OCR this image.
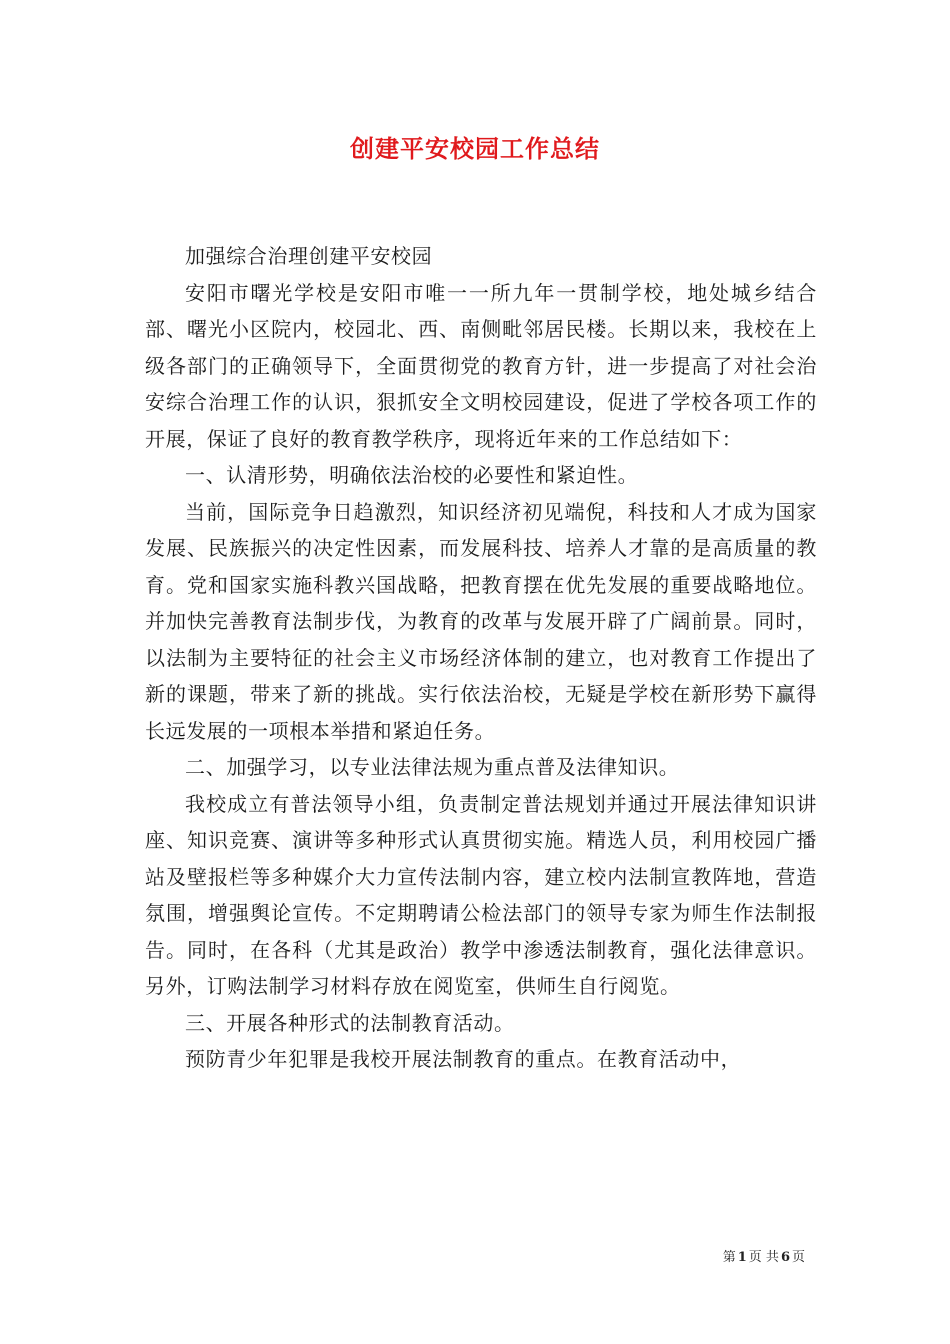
创建平安校园工作总结

加强综合治理创建平安校园

安阳市曙光学校是安阳市唯一一所九年一贯制学校，地处城乡结合部、曙光小区院内，校园北、西、南侧毗邻居民楼。长期以来，我校在上级各部门的正确领导下，全面贯彻党的教育方针，进一步提高了对社会治安综合治理工作的认识，狠抓安全文明校园建设，促进了学校各项工作的开展，保证了良好的教育教学秩序，现将近年来的工作总结如下：

一、认清形势，明确依法治校的必要性和紧迫性。

当前，国际竞争日趋激烈，知识经济初见端倪，科技和人才成为国家发展、民族振兴的决定性因素，而发展科技、培养人才靠的是高质量的教育。党和国家实施科教兴国战略，把教育摆在优先发展的重要战略地位。并加快完善教育法制步伐，为教育的改革与发展开辟了广阔前景。同时，以法制为主要特征的社会主义市场经济体制的建立，也对教育工作提出了新的课题，带来了新的挑战。实行依法治校，无疑是学校在新形势下赢得长远发展的一项根本举措和紧迫任务。

二、加强学习，以专业法律法规为重点普及法律知识。

我校成立有普法领导小组，负责制定普法规划并通过开展法律知识讲座、知识竞赛、演讲等多种形式认真贯彻实施。精选人员，利用校园广播站及壁报栏等多种媒介大力宣传法制内容，建立校内法制宣教阵地，营造氛围，增强舆论宣传。不定期聘请公检法部门的领导专家为师生作法制报告。同时，在各科（尤其是政治）教学中渗透法制教育，强化法律意识。另外，订购法制学习材料存放在阅览室，供师生自行阅览。

三、开展各种形式的法制教育活动。

预防青少年犯罪是我校开展法制教育的重点。在教育活动中，

第 1 页 共 6 页
